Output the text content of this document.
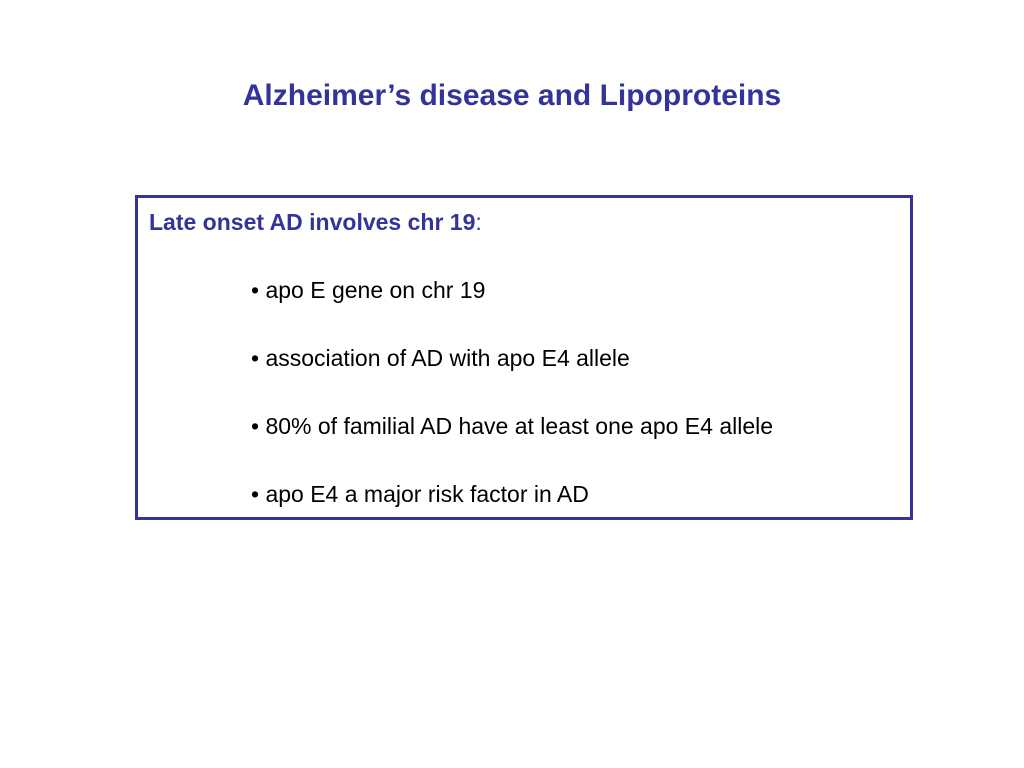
Alzheimer’s disease and Lipoproteins
Late onset AD involves chr 19:
• apo E gene on chr 19
• association of AD with apo E4 allele
• 80% of familial AD have at least one apo E4 allele
• apo E4 a major risk factor in AD
